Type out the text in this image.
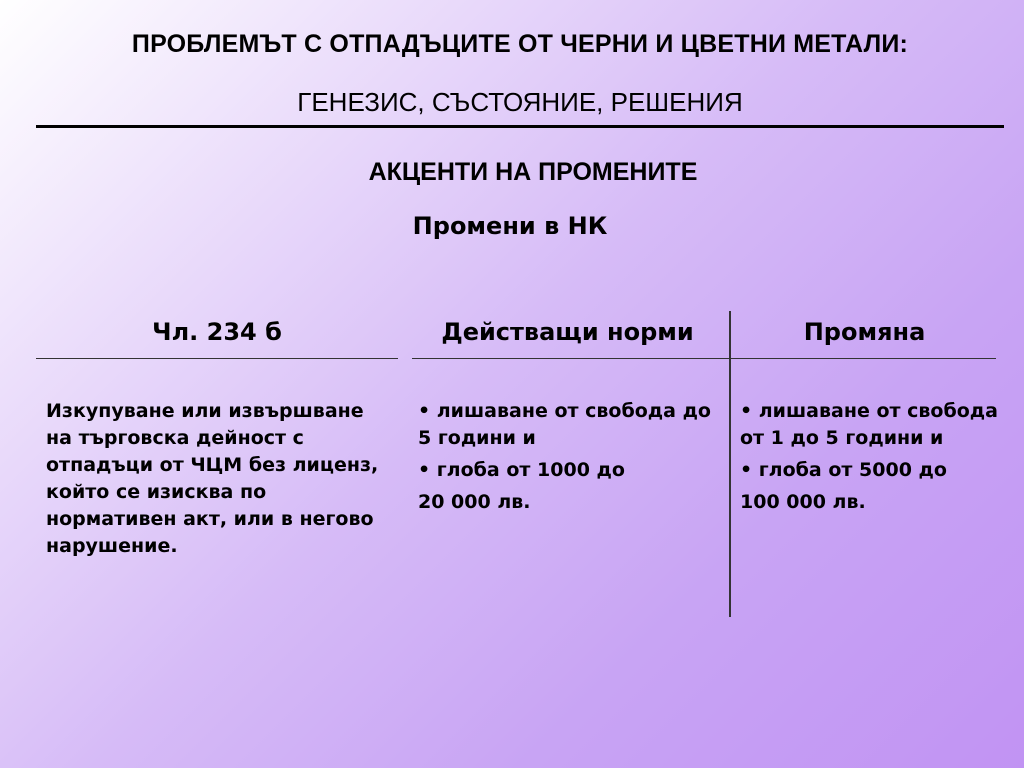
ПРОБЛЕМЪТ С ОТПАДЪЦИТЕ ОТ ЧЕРНИ И ЦВЕТНИ МЕТАЛИ:
ГЕНЕЗИС, СЪСТОЯНИЕ, РЕШЕНИЯ
АКЦЕНТИ НА ПРОМЕНИТЕ
Промени в НК
Чл. 234 б	Действащи норми	Промяна

Изкупуване или извършване на търговска дейност с отпадъци от ЧЦМ без лиценз, който се изисква по нормативен акт, или в негово нарушение.

• лишаване от свобода до 5 години и

• глоба от 1000 до

20 000 лв.

• лишаване от свобода от 1 до 5 години и

• глоба от 5000 до

100 000 лв.
